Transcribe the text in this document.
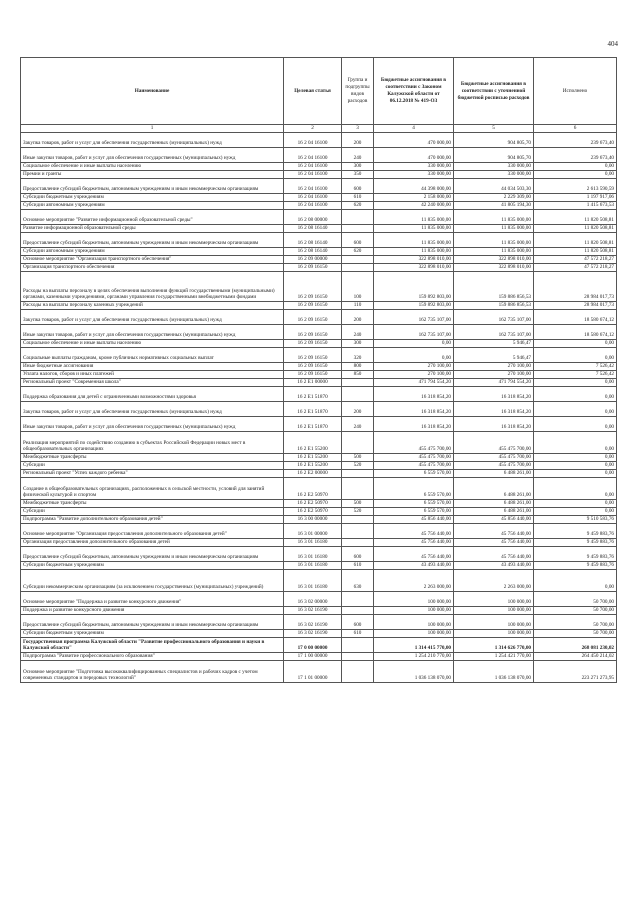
404
Наименование	Целевая статья	Группа и подгруппы видов расходов	Бюджетные ассигнования в соответствии с Законом Калужской области от 06.12.2018 № 419-ОЗ	Бюджетные ассигнования в соответствии с уточненной бюджетной росписью расходов	Исполнено
1	2	3	4	5	6
Закупка товаров, работ и услуг для обеспечения государственных (муниципальных) нужд	16 2 04 16100	200	470 000,00	904 805,70	239 673,40
Иные закупки товаров, работ и услуг для обеспечения государственных (муниципальных) нужд	16 2 04 16100	240	470 000,00	904 805,70	239 673,40
Социальное обеспечение и иные выплаты населению	16 2 04 16100	300	330 000,00	330 000,00	0,00
Премии и гранты	16 2 04 16100	350	330 000,00	330 000,00	0,00
Предоставление субсидий бюджетным, автономным учреждениям и иным некоммерческим организациям	16 2 04 16100	600	44 398 000,00	44 034 503,30	2 613 590,59
Субсидии бюджетным учреждениям	16 2 04 16100	610	2 158 000,00	2 229 309,00	1 197 917,06
Субсидии автономным учреждениям	16 2 04 16100	620	42 240 000,00	41 805 194,30	1 415 673,53
Основное мероприятие "Развитие информационной образовательной среды"	16 2 08 00000		11 835 000,00	11 835 000,00	11 820 508,81
Развитие информационной образовательной среды	16 2 08 16140		11 835 000,00	11 835 000,00	11 820 508,81
Предоставление субсидий бюджетным, автономным учреждениям и иным некоммерческим организациям	16 2 08 16140	600	11 835 000,00	11 835 000,00	11 820 508,81
Субсидии автономным учреждениям	16 2 08 16140	620	11 835 000,00	11 835 000,00	11 820 508,81
Основное мероприятие "Организация транспортного обеспечения"	16 2 09 00000		322 898 010,00	322 898 010,00	47 572 218,27
Организация транспортного обеспечения	16 2 09 16150		322 898 010,00	322 898 010,00	47 572 218,27
Расходы на выплаты персоналу в целях обеспечения выполнения функций государственными (муниципальными) органами, казенными учреждениями, органами управления государственными внебюджетными фондами	16 2 09 16150	100	159 892 803,00	159 886 856,53	28 984 017,73
Расходы на выплаты персоналу казенных учреждений	16 2 09 16150	110	159 892 803,00	159 886 856,53	28 984 017,73
Закупка товаров, работ и услуг для обеспечения государственных (муниципальных) нужд	16 2 09 16150	200	162 735 107,00	162 735 107,00	18 580 674,12
Иные закупки товаров, работ и услуг для обеспечения государственных (муниципальных) нужд	16 2 09 16150	240	162 735 107,00	162 735 107,00	18 580 674,12
Социальное обеспечение и иные выплаты населению	16 2 09 16150	300	0,00	5 946,47	0,00
Социальные выплаты гражданам, кроме публичных нормативных социальных выплат	16 2 09 16150	320	0,00	5 946,47	0,00
Иные бюджетные ассигнования	16 2 09 16150	800	270 100,00	270 100,00	7 526,42
Уплата налогов, сборов и иных платежей	16 2 09 16150	850	270 100,00	270 100,00	7 526,42
Региональный проект "Современная школа"	16 2 E1 00000		471 794 554,20	471 794 554,20	0,00
Поддержка образования для детей с ограниченными возможностями здоровья	16 2 E1 51870		16 318 854,20	16 318 854,20	0,00
Закупка товаров, работ и услуг для обеспечения государственных (муниципальных) нужд	16 2 E1 51870	200	16 318 854,20	16 318 854,20	0,00
Иные закупки товаров, работ и услуг для обеспечения государственных (муниципальных) нужд	16 2 E1 51870	240	16 318 854,20	16 318 854,20	0,00
Реализация мероприятий по содействию созданию в субъектах Российской Федерации новых мест в общеобразовательных организациях	16 2 E1 55200		455 475 700,00	455 475 700,00	0,00
Межбюджетные трансферты	16 2 E1 55200	500	455 475 700,00	455 475 700,00	0,00
Субсидии	16 2 E1 55200	520	455 475 700,00	455 475 700,00	0,00
Региональный проект "Успех каждого ребенка"	16 2 E2 00000		6 559 570,00	6 488 261,00	0,00
Создание в общеобразовательных организациях, расположенных в сельской местности, условий для занятий физической культурой и спортом	16 2 E2 50970		6 559 570,00	6 488 261,00	0,00
Межбюджетные трансферты	16 2 E2 50970	500	6 559 570,00	6 488 261,00	0,00
Субсидии	16 2 E2 50970	520	6 559 570,00	6 488 261,00	0,00
Подпрограмма "Развитие дополнительного образования детей"	16 3 00 00000		45 856 440,00	45 856 440,00	9 510 583,76
Основное мероприятие "Организация предоставления дополнительного образования детей"	16 3 01 00000		45 756 440,00	45 756 440,00	9 459 883,76
Организация предоставления дополнительного образования детей	16 3 01 16180		45 756 440,00	45 756 440,00	9 459 883,76
Предоставление субсидий бюджетным, автономным учреждениям и иным некоммерческим организациям	16 3 01 16180	600	45 756 440,00	45 756 440,00	9 459 883,76
Субсидии бюджетным учреждениям	16 3 01 16180	610	43 493 440,00	43 493 440,00	9 459 883,76
Субсидии некоммерческим организациям (за исключением государственных (муниципальных) учреждений)	16 3 01 16180	630	2 263 000,00	2 263 000,00	0,00
Основное мероприятие "Поддержка и развитие конкурсного движения"	16 3 02 00000		100 000,00	100 000,00	50 700,00
Поддержка и развитие конкурсного движения	16 3 02 16190		100 000,00	100 000,00	50 700,00
Предоставление субсидий бюджетным, автономным учреждениям и иным некоммерческим организациям	16 3 02 16190	600	100 000,00	100 000,00	50 700,00
Субсидии бюджетным учреждениям	16 3 02 16190	610	100 000,00	100 000,00	50 700,00
Государственная программа Калужской области "Развитие профессионального образования и науки в Калужской области"	17 0 00 00000		1 314 415 770,00	1 314 626 770,00	268 081 230,02
Подпрограмма "Развитие профессионального образования"	17 1 00 00000		1 254 210 770,00	1 254 421 770,00	264 450 214,02
Основное мероприятие "Подготовка высококвалифицированных специалистов и рабочих кадров с учетом современных стандартов и передовых технологий"	17 1 01 00000		1 036 138 070,00	1 036 138 070,00	223 271 273,95
